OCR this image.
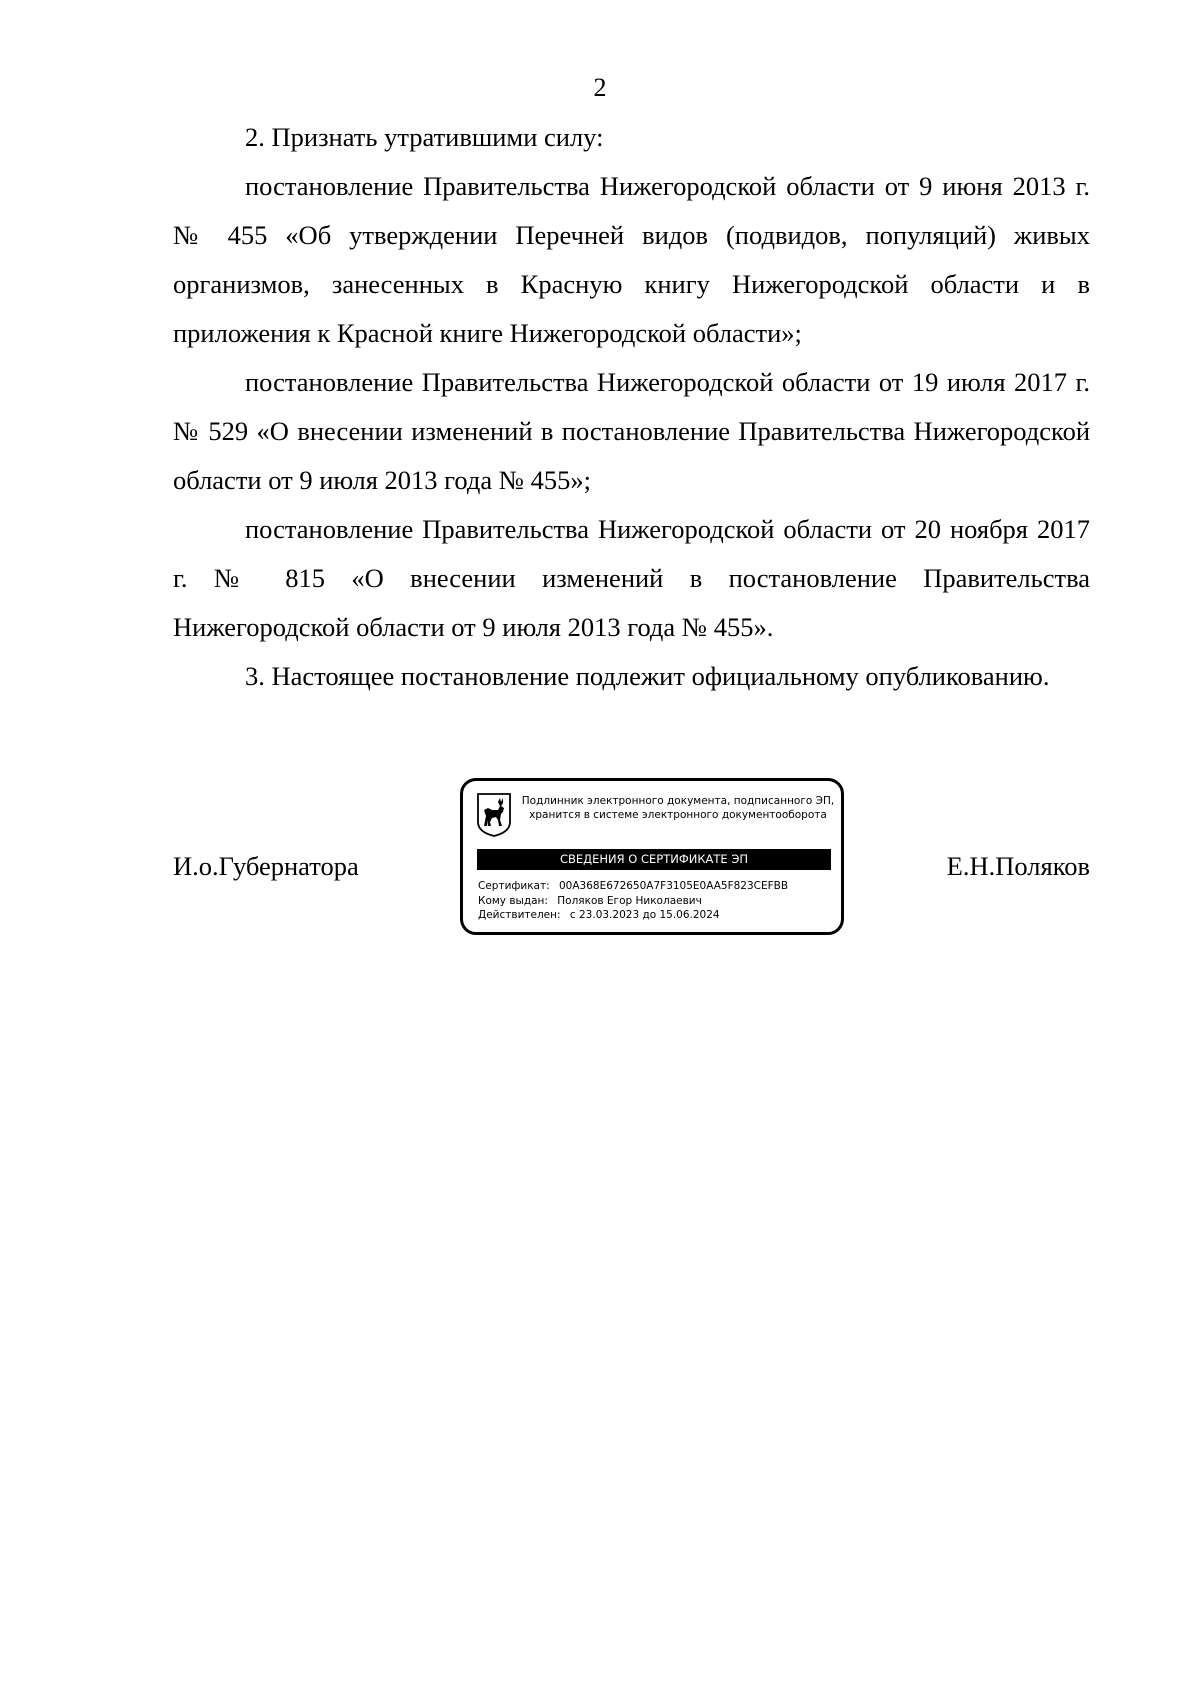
2

2. Признать утратившими силу:

постановление Правительства Нижегородской области от 9 июня 2013 г. № 455 «Об утверждении Перечней видов (подвидов, популяций) живых организмов, занесенных в Красную книгу Нижегородской области и в приложения к Красной книге Нижегородской области»;

постановление Правительства Нижегородской области от 19 июля 2017 г. № 529 «О внесении изменений в постановление Правительства Нижегородской области от 9 июля 2013 года № 455»;

постановление Правительства Нижегородской области от 20 ноября 2017 г. № 815 «О внесении изменений в постановление Правительства Нижегородской области от 9 июля 2013 года № 455».

3. Настоящее постановление подлежит официальному опубликованию.

И.о.Губернатора	Е.Н.Поляков
Подлинник электронного документа, подписанного ЭП,
хранится в системе электронного документооборота
СВЕДЕНИЯ О СЕРТИФИКАТЕ ЭП
Сертификат: 00A368E672650A7F3105E0AA5F823CEFBB
Кому выдан: Поляков Егор Николаевич
Действителен: с 23.03.2023 до 15.06.2024
